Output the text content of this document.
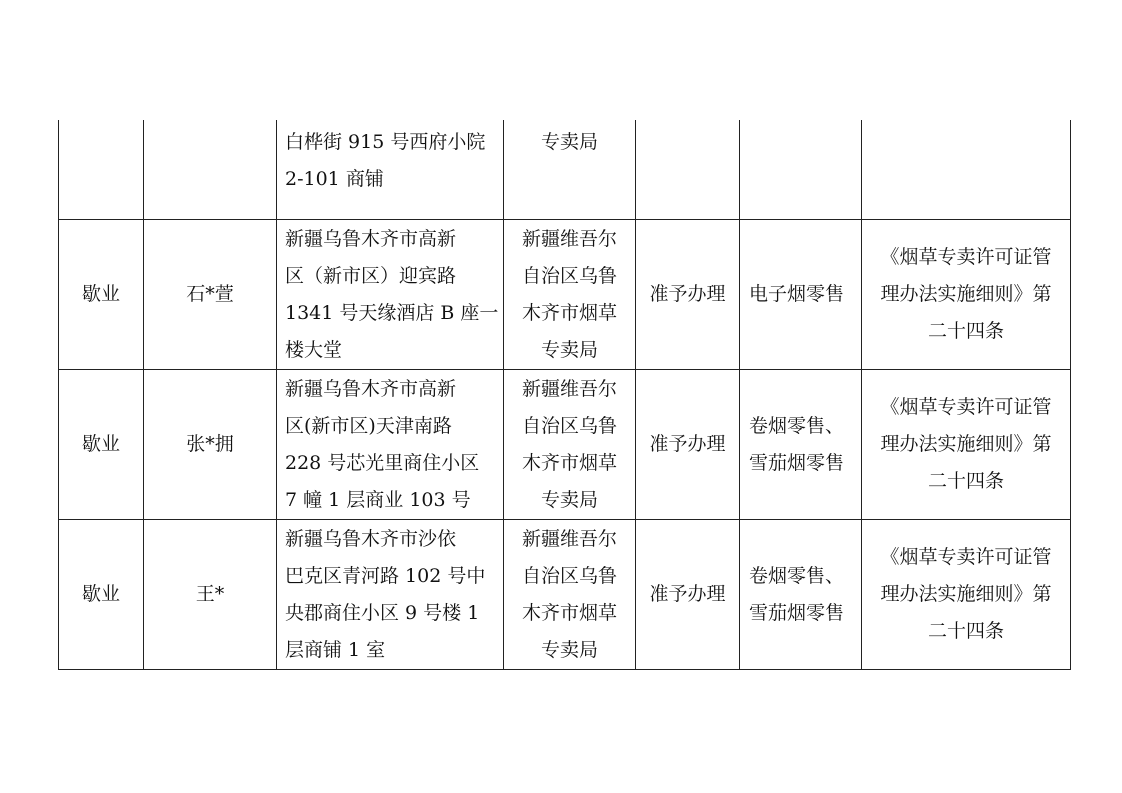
		白桦街 915 号西府小院
2-101 商铺	专卖局			

歇业	石*萱	新疆乌鲁木齐市高新
区（新市区）迎宾路
1341 号天缘酒店 B 座一
楼大堂	新疆维吾尔
自治区乌鲁
木齐市烟草
专卖局	准予办理	电子烟零售	《烟草专卖许可证管
理办法实施细则》第
二十四条

歇业	张*拥	新疆乌鲁木齐市高新
区(新市区)天津南路
228 号芯光里商住小区
7 幢 1 层商业 103 号	新疆维吾尔
自治区乌鲁
木齐市烟草
专卖局	准予办理	卷烟零售、
雪茄烟零售	《烟草专卖许可证管
理办法实施细则》第
二十四条

歇业	王*	新疆乌鲁木齐市沙依
巴克区青河路 102 号中
央郡商住小区 9 号楼 1
层商铺 1 室	新疆维吾尔
自治区乌鲁
木齐市烟草
专卖局	准予办理	卷烟零售、
雪茄烟零售	《烟草专卖许可证管
理办法实施细则》第
二十四条
